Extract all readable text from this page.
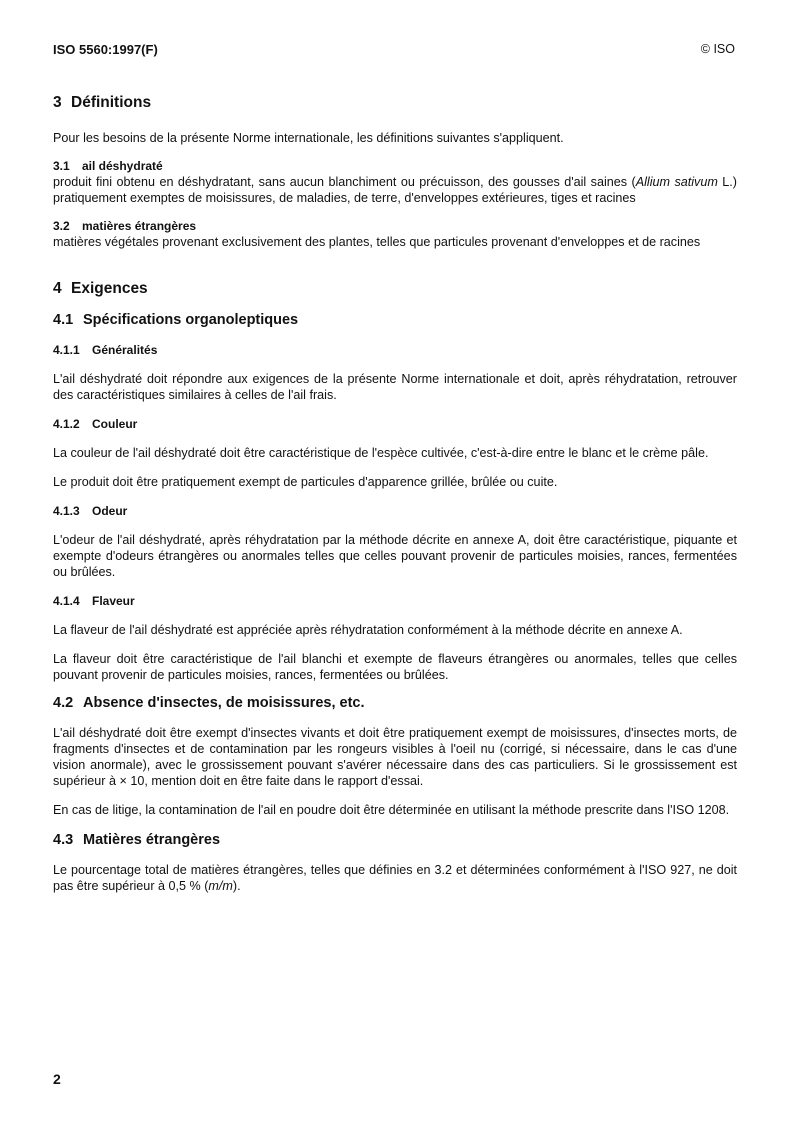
ISO 5560:1997(F)	© ISO
3 Définitions

Pour les besoins de la présente Norme internationale, les définitions suivantes s'appliquent.

3.1 ail déshydraté

produit fini obtenu en déshydratant, sans aucun blanchiment ou précuisson, des gousses d'ail saines (Allium sativum L.) pratiquement exemptes de moisissures, de maladies, de terre, d'enveloppes extérieures, tiges et racines

3.2 matières étrangères

matières végétales provenant exclusivement des plantes, telles que particules provenant d'enveloppes et de racines

4 Exigences
4.1 Spécifications organoleptiques
4.1.1 Généralités

L'ail déshydraté doit répondre aux exigences de la présente Norme internationale et doit, après réhydratation, retrouver des caractéristiques similaires à celles de l'ail frais.

4.1.2 Couleur

La couleur de l'ail déshydraté doit être caractéristique de l'espèce cultivée, c'est-à-dire entre le blanc et le crème pâle.

Le produit doit être pratiquement exempt de particules d'apparence grillée, brûlée ou cuite.

4.1.3 Odeur

L'odeur de l'ail déshydraté, après réhydratation par la méthode décrite en annexe A, doit être caractéristique, piquante et exempte d'odeurs étrangères ou anormales telles que celles pouvant provenir de particules moisies, rances, fermentées ou brûlées.

4.1.4 Flaveur

La flaveur de l'ail déshydraté est appréciée après réhydratation conformément à la méthode décrite en annexe A.

La flaveur doit être caractéristique de l'ail blanchi et exempte de flaveurs étrangères ou anormales, telles que celles pouvant provenir de particules moisies, rances, fermentées ou brûlées.

4.2 Absence d'insectes, de moisissures, etc.

L'ail déshydraté doit être exempt d'insectes vivants et doit être pratiquement exempt de moisissures, d'insectes morts, de fragments d'insectes et de contamination par les rongeurs visibles à l'oeil nu (corrigé, si nécessaire, dans le cas d'une vision anormale), avec le grossissement pouvant s'avérer nécessaire dans des cas particuliers. Si le grossissement est supérieur à × 10, mention doit en être faite dans le rapport d'essai.

En cas de litige, la contamination de l'ail en poudre doit être déterminée en utilisant la méthode prescrite dans l'ISO 1208.

4.3 Matières étrangères

Le pourcentage total de matières étrangères, telles que définies en 3.2 et déterminées conformément à l'ISO 927, ne doit pas être supérieur à 0,5 % (m/m).

2
